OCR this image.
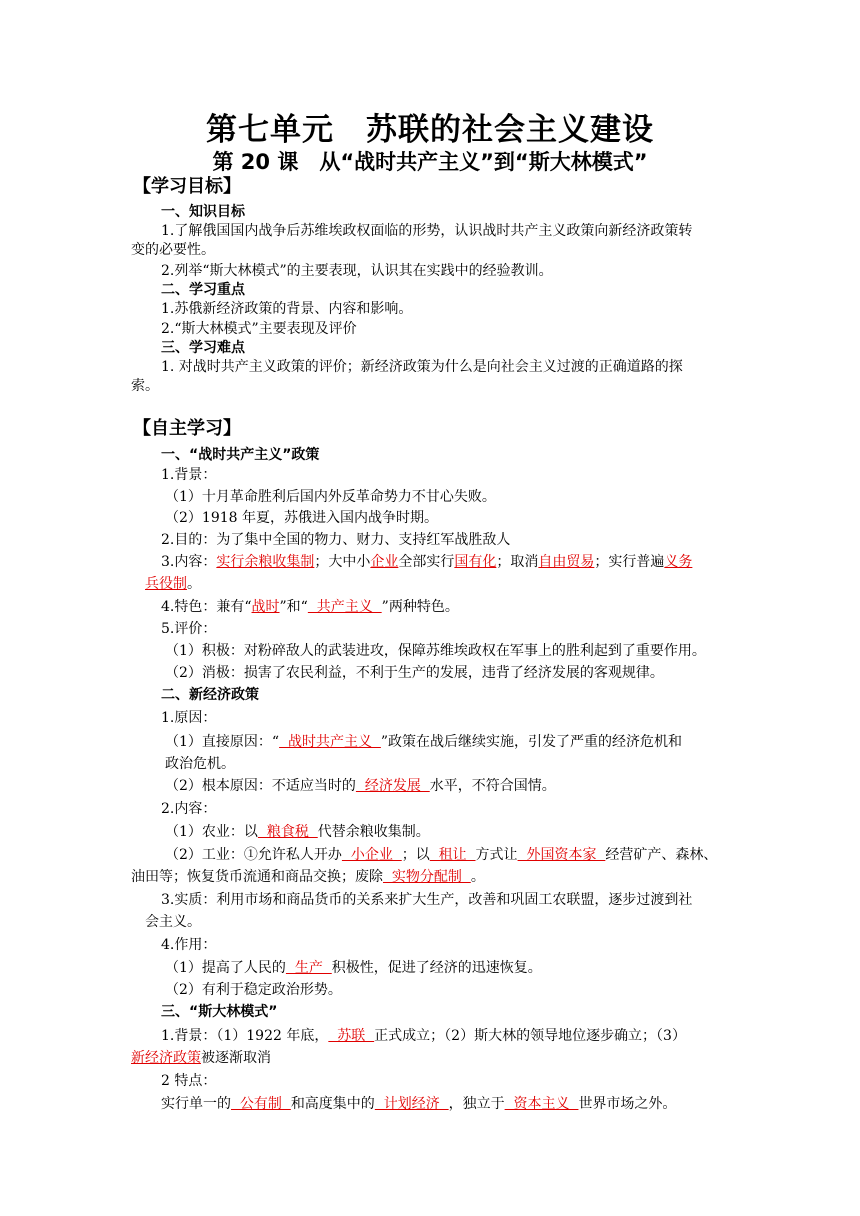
第七单元　苏联的社会主义建设
第 20 课　从“战时共产主义”到“斯大林模式”
【学习目标】
一、知识目标
1.了解俄国国内战争后苏维埃政权面临的形势，认识战时共产主义政策向新经济政策转
变的必要性。
2.列举“斯大林模式”的主要表现，认识其在实践中的经验教训。
二、学习重点
1.苏俄新经济政策的背景、内容和影响。
2.“斯大林模式”主要表现及评价
三、学习难点
1. 对战时共产主义政策的评价；新经济政策为什么是向社会主义过渡的正确道路的探
索。
【自主学习】
一、“战时共产主义”政策
1.背景：
（1）十月革命胜利后国内外反革命势力不甘心失败。
（2）1918 年夏，苏俄进入国内战争时期。
2.目的：为了集中全国的物力、财力、支持红军战胜敌人
3.内容：实行余粮收集制；大中小企业全部实行国有化；取消自由贸易；实行普遍义务
兵役制。
4.特色：兼有“战时”和“  共产主义  ”两种特色。
5.评价：
（1）积极：对粉碎敌人的武装进攻，保障苏维埃政权在军事上的胜利起到了重要作用。
（2）消极：损害了农民利益，不利于生产的发展，违背了经济发展的客观规律。
二、新经济政策
1.原因：
（1）直接原因：“  战时共产主义  ”政策在战后继续实施，引发了严重的经济危机和
政治危机。
（2）根本原因：不适应当时的  经济发展  水平，不符合国情。
2.内容：
（1）农业：以  粮食税  代替余粮收集制。
（2）工业：①允许私人开办  小企业  ；以  租让  方式让  外国资本家  经营矿产、森林、
油田等；恢复货币流通和商品交换；废除  实物分配制  。
3.实质：利用市场和商品货币的关系来扩大生产，改善和巩固工农联盟，逐步过渡到社
会主义。
4.作用：
（1）提高了人民的  生产  积极性，促进了经济的迅速恢复。
（2）有利于稳定政治形势。
三、“斯大林模式”
1.背景：（1）1922 年底，  苏联  正式成立；（2）斯大林的领导地位逐步确立；（3）
新经济政策被逐渐取消
2 特点：
实行单一的  公有制  和高度集中的  计划经济  ，独立于  资本主义  世界市场之外。
